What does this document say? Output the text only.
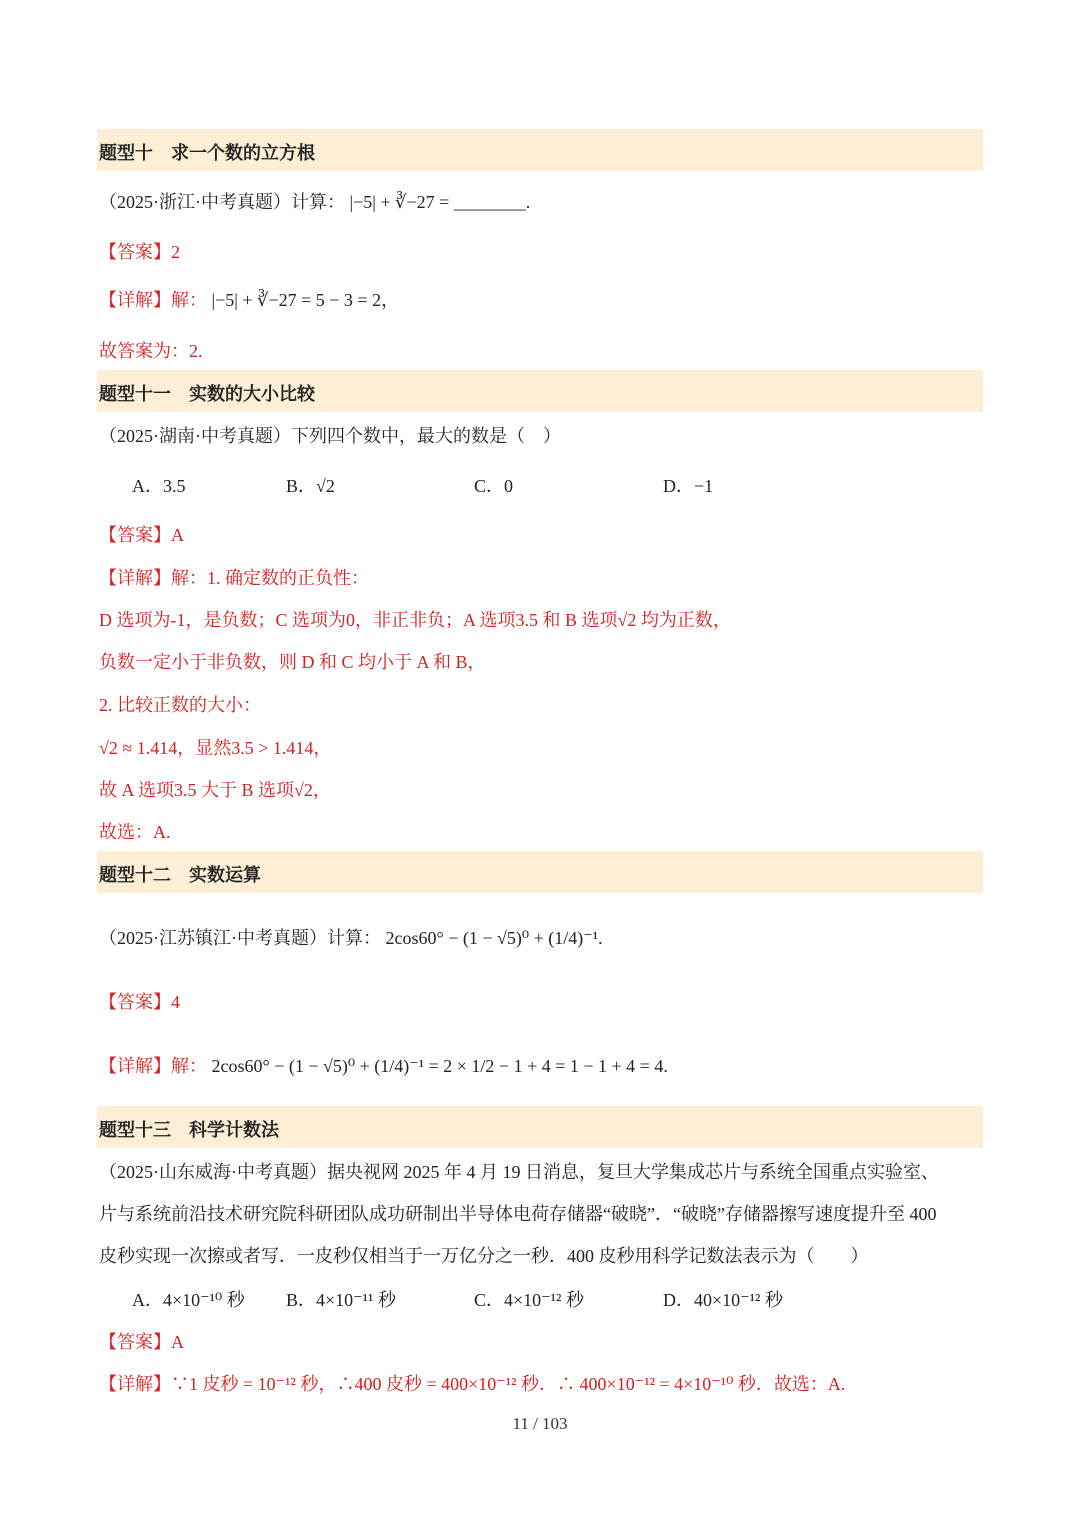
题型十　求一个数的立方根
（2025·浙江·中考真题）计算： |−5| + ∛−27 = ________.
【答案】2
【详解】解： |−5| + ∛−27 = 5 − 3 = 2，
故答案为：2.
题型十一　实数的大小比较
（2025·湖南·中考真题）下列四个数中，最大的数是（　）
A．3.5	B．√2	C．0	D．−1
【答案】A
【详解】解：1. 确定数的正负性：
D 选项为-1，是负数；C 选项为0，非正非负；A 选项3.5 和 B 选项√2 均为正数，
负数一定小于非负数，则 D 和 C 均小于 A 和 B，
2. 比较正数的大小：
√2 ≈ 1.414，显然3.5 > 1.414，
故 A 选项3.5 大于 B 选项√2，
故选：A.
题型十二　实数运算
（2025·江苏镇江·中考真题）计算： 2cos60° − (1 − √5)⁰ + (1/4)⁻¹.
【答案】4
【详解】解： 2cos60° − (1 − √5)⁰ + (1/4)⁻¹ = 2 × 1/2 − 1 + 4 = 1 − 1 + 4 = 4.
题型十三　科学计数法
（2025·山东威海·中考真题）据央视网 2025 年 4 月 19 日消息，复旦大学集成芯片与系统全国重点实验室、
片与系统前沿技术研究院科研团队成功研制出半导体电荷存储器“破晓”．“破晓”存储器擦写速度提升至 400
皮秒实现一次擦或者写．一皮秒仅相当于一万亿分之一秒．400 皮秒用科学记数法表示为（　　）
A．4×10⁻¹⁰ 秒 B．4×10⁻¹¹ 秒	C．4×10⁻¹² 秒	D．40×10⁻¹² 秒
【答案】A
【详解】∵1 皮秒 = 10⁻¹² 秒，∴400 皮秒 = 400×10⁻¹² 秒．∴ 400×10⁻¹² = 4×10⁻¹⁰ 秒．故选：A.
11 / 103
